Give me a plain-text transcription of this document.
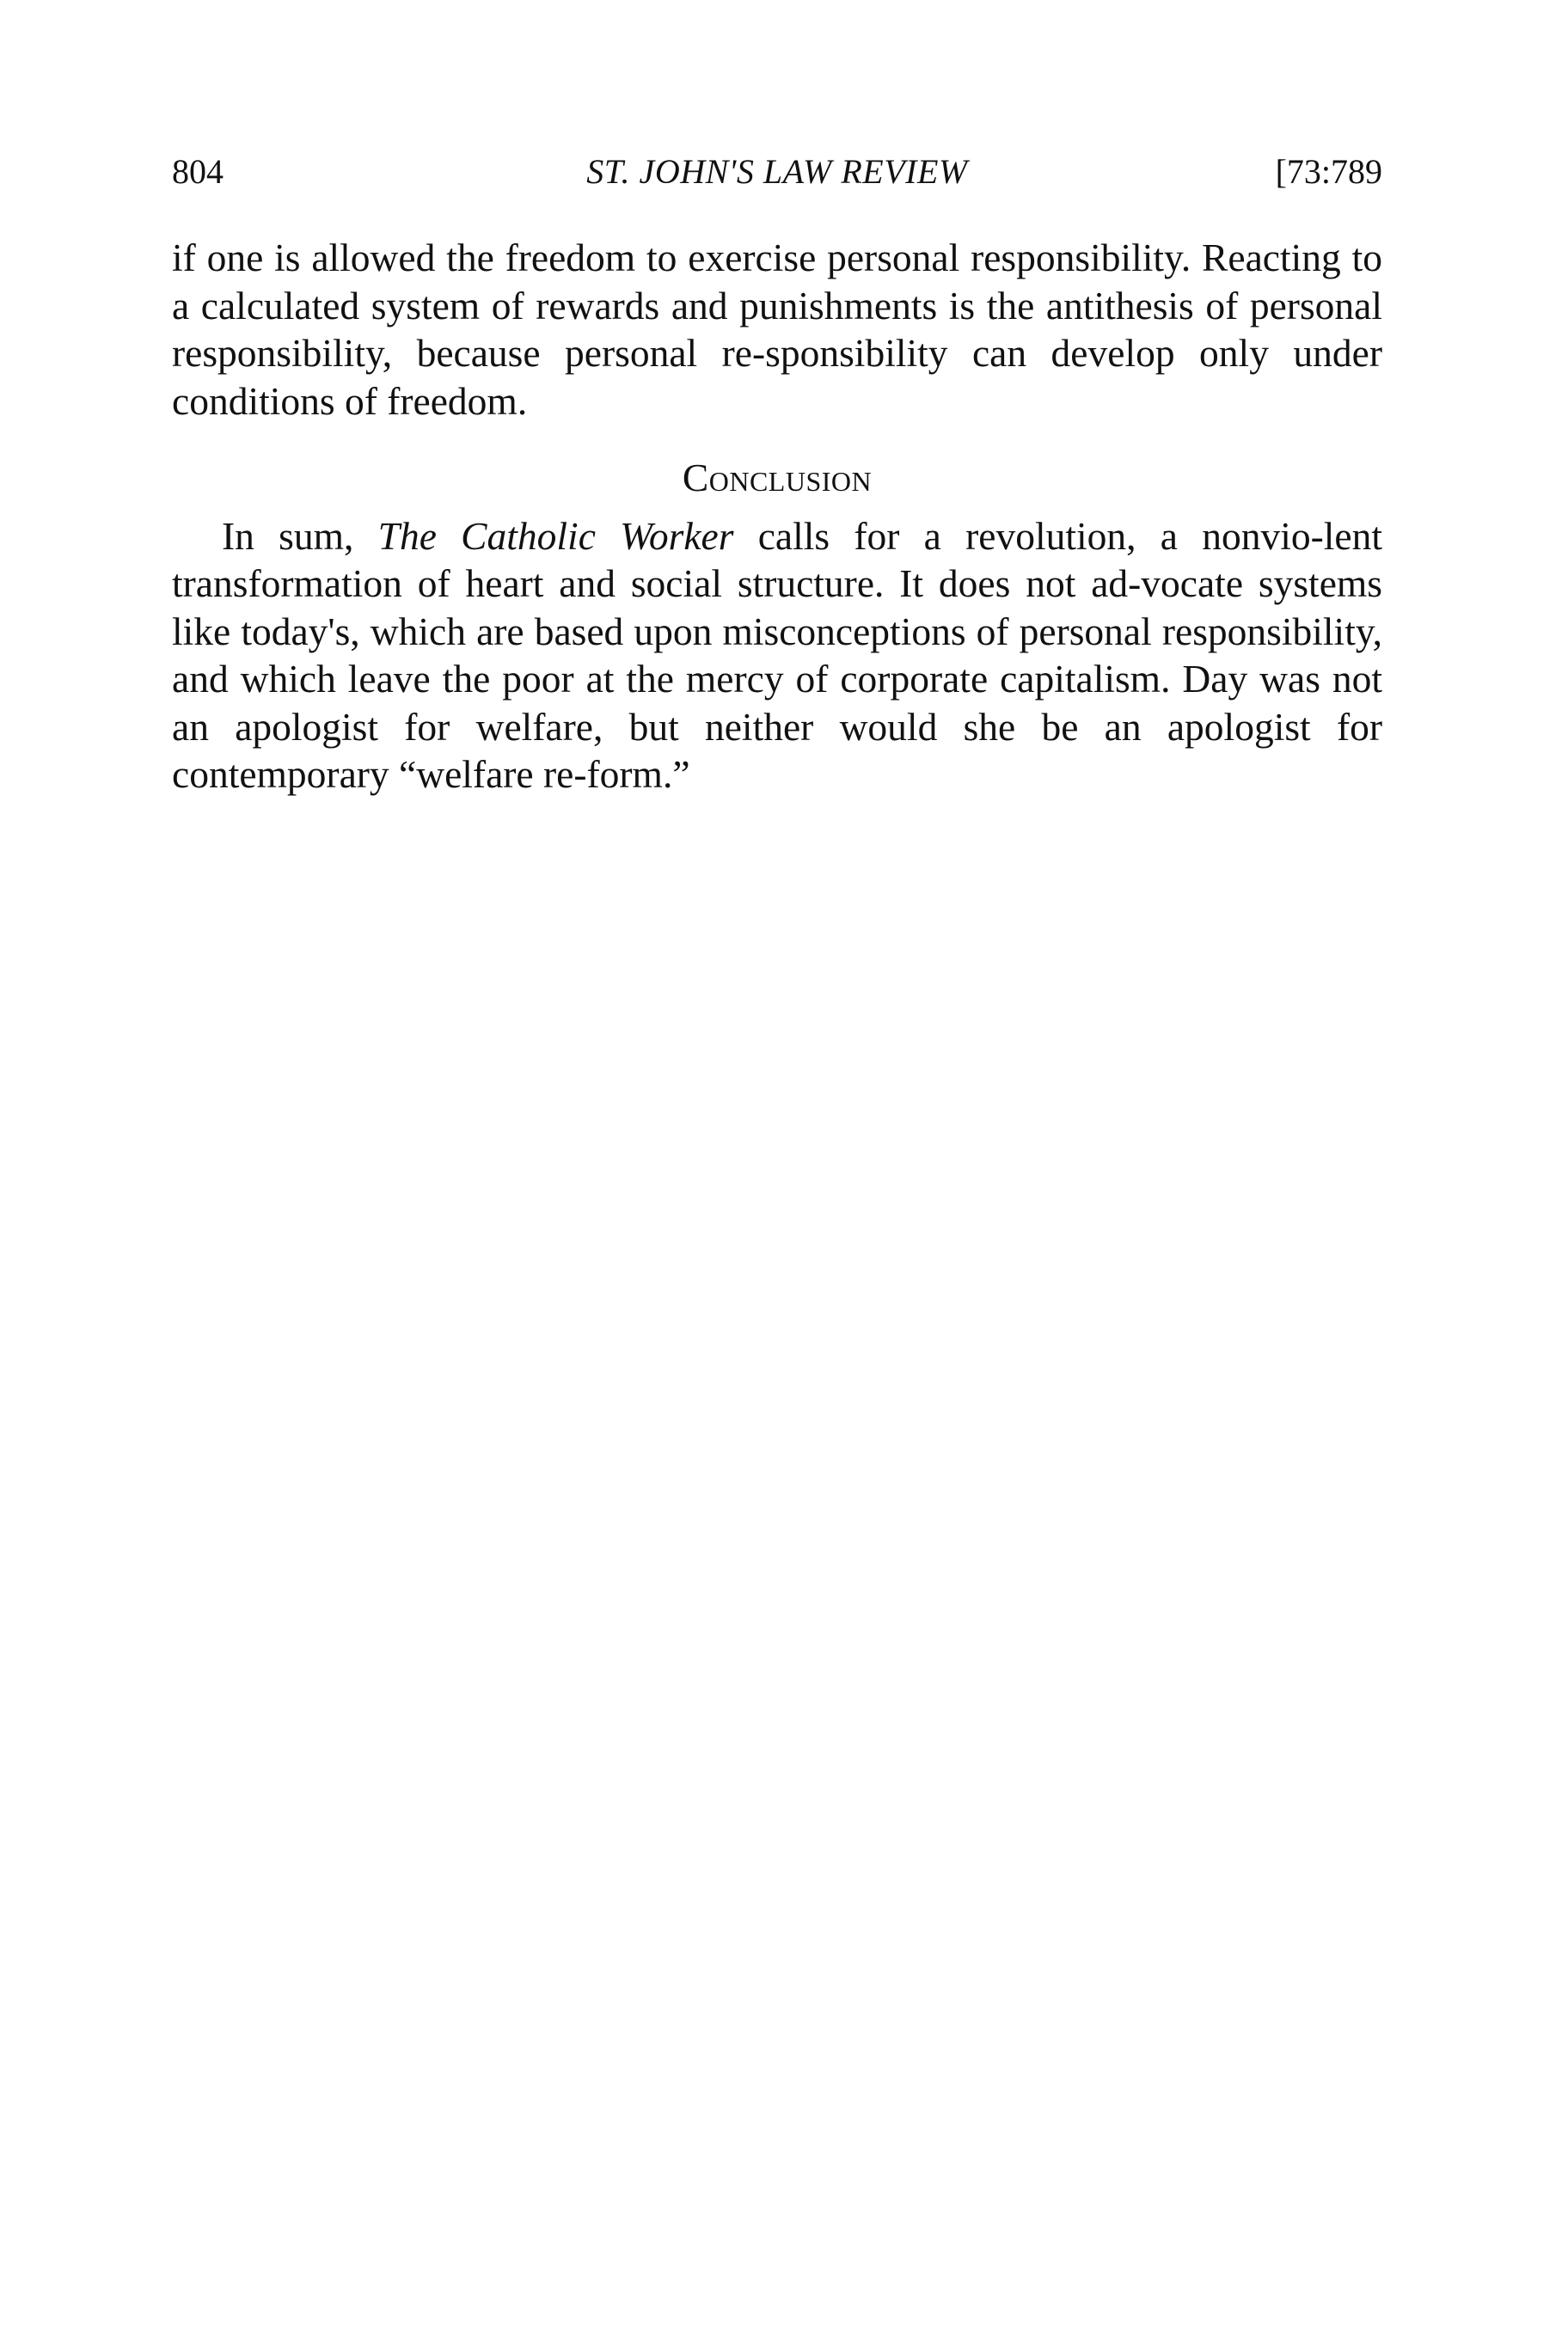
804	ST. JOHN'S LAW REVIEW	[73:789

if one is allowed the freedom to exercise personal responsibility. Reacting to a calculated system of rewards and punishments is the antithesis of personal responsibility, because personal re-sponsibility can develop only under conditions of freedom.

Conclusion

In sum, The Catholic Worker calls for a revolution, a nonvio-lent transformation of heart and social structure. It does not ad-vocate systems like today's, which are based upon misconceptions of personal responsibility, and which leave the poor at the mercy of corporate capitalism. Day was not an apologist for welfare, but neither would she be an apologist for contemporary “welfare re-form.”
